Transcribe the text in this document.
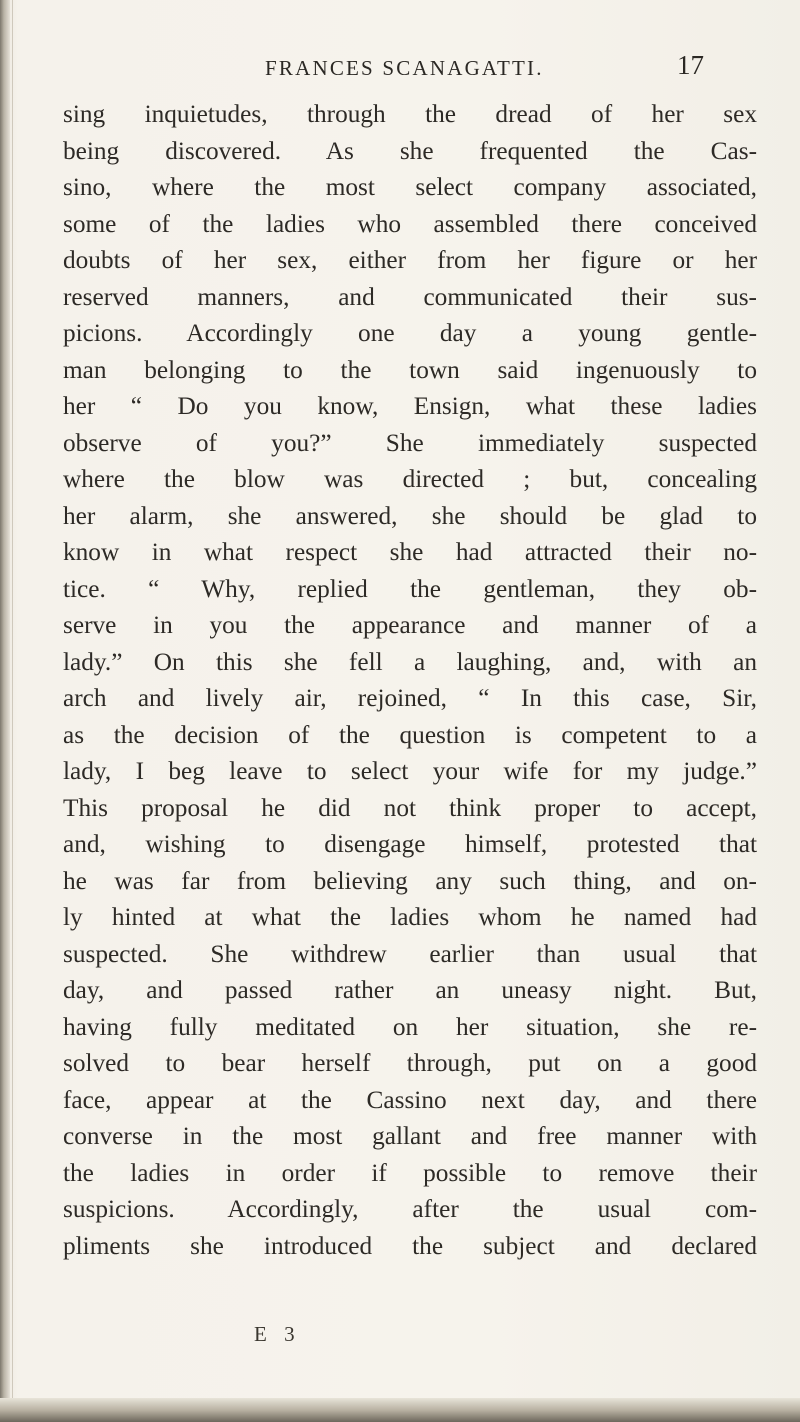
FRANCES SCANAGATTI.	17
sing inquietudes, through the dread of her sex
being discovered. As she frequented the Cas-
sino, where the most select company associated,
some of the ladies who assembled there conceived
doubts of her sex, either from her figure or her
reserved manners, and communicated their sus-
picions. Accordingly one day a young gentle-
man belonging to the town said ingenuously to
her “ Do you know, Ensign, what these ladies
observe of you?” She immediately suspected
where the blow was directed ; but, concealing
her alarm, she answered, she should be glad to
know in what respect she had attracted their no-
tice. “ Why, replied the gentleman, they ob-
serve in you the appearance and manner of a
lady.” On this she fell a laughing, and, with an
arch and lively air, rejoined, “ In this case, Sir,
as the decision of the question is competent to a
lady, I beg leave to select your wife for my judge.”
This proposal he did not think proper to accept,
and, wishing to disengage himself, protested that
he was far from believing any such thing, and on-
ly hinted at what the ladies whom he named had
suspected. She withdrew earlier than usual that
day, and passed rather an uneasy night. But,
having fully meditated on her situation, she re-
solved to bear herself through, put on a good
face, appear at the Cassino next day, and there
converse in the most gallant and free manner with
the ladies in order if possible to remove their
suspicions. Accordingly, after the usual com-
pliments she introduced the subject and declared
E 3
